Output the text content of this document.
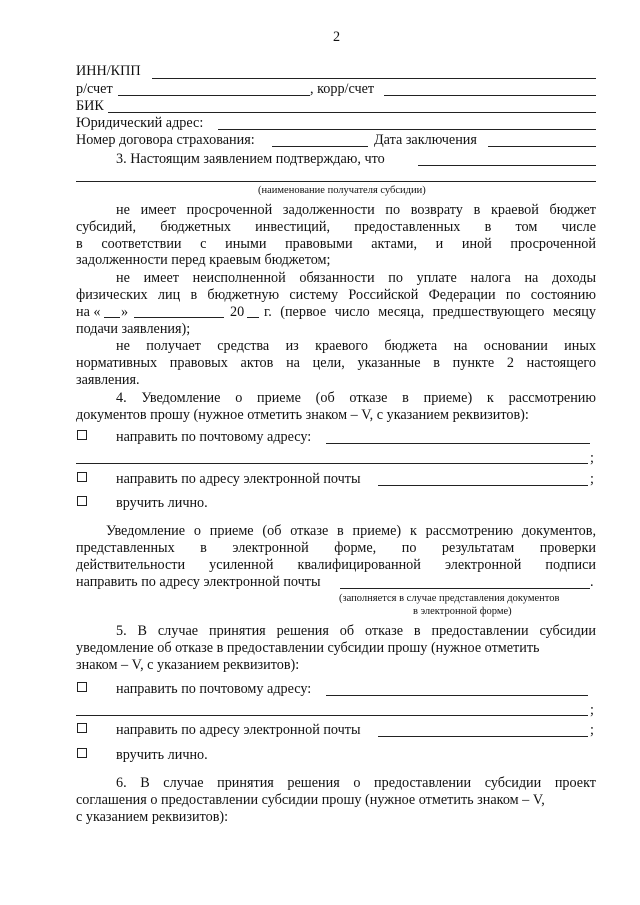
2
ИНН/КПП
р/счет	, корр/счет
БИК
Юридический адрес:
Номер договора страхования:	Дата заключения
3. Настоящим заявлением подтверждаю, что
(наименование получателя субсидии)
не имеет просроченной задолженности по возврату в краевой бюджет
субсидий, бюджетных инвестиций, предоставленных в том числе
в соответствии с иными правовыми актами, и иной просроченной
задолженности перед краевым бюджетом;
не имеет неисполненной обязанности по уплате налога на доходы
физических лиц в бюджетную систему Российской Федерации по состоянию
на « »	20 г. (первое число месяца, предшествующего месяцу
подачи заявления);
не получает средства из краевого бюджета на основании иных
нормативных правовых актов на цели, указанные в пункте 2 настоящего
заявления.
4. Уведомление о приеме (об отказе в приеме) к рассмотрению
документов прошу (нужное отметить знаком – V, с указанием реквизитов):
направить по почтовому адресу:
;
направить по адресу электронной почты	;
вручить лично.
Уведомление о приеме (об отказе в приеме) к рассмотрению документов,
представленных в электронной форме, по результатам проверки
действительности усиленной квалифицированной электронной подписи
направить по адресу электронной почты	.
(заполняется в случае представления документов
в электронной форме)
5. В случае принятия решения об отказе в предоставлении субсидии
уведомление об отказе в предоставлении субсидии прошу (нужное отметить
знаком – V, с указанием реквизитов):
направить по почтовому адресу:
;
направить по адресу электронной почты	;
вручить лично.
6. В случае принятия решения о предоставлении субсидии проект
соглашения о предоставлении субсидии прошу (нужное отметить знаком – V,
с указанием реквизитов):
